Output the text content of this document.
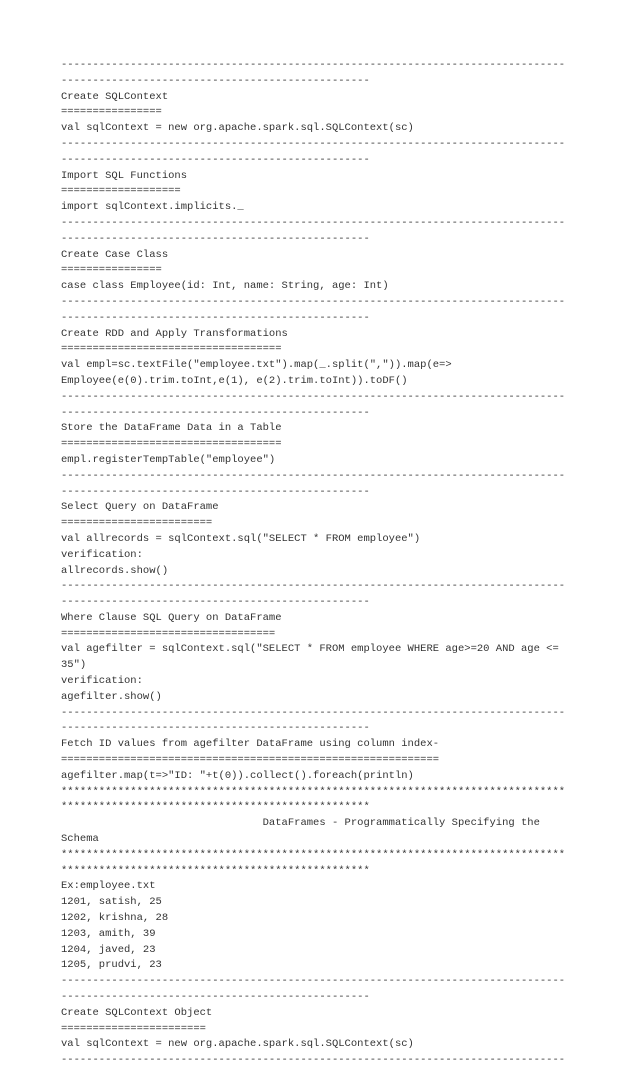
--------------------------------------------------------------------------------
-------------------------------------------------
Create SQLContext
================
val sqlContext = new org.apache.spark.sql.SQLContext(sc)
--------------------------------------------------------------------------------
-------------------------------------------------
Import SQL Functions
===================
import sqlContext.implicits._
--------------------------------------------------------------------------------
-------------------------------------------------
Create Case Class
================
case class Employee(id: Int, name: String, age: Int)
--------------------------------------------------------------------------------
-------------------------------------------------
Create RDD and Apply Transformations
===================================
val empl=sc.textFile("employee.txt").map(_.split(",")).map(e=>
Employee(e(0).trim.toInt,e(1), e(2).trim.toInt)).toDF()
--------------------------------------------------------------------------------
-------------------------------------------------
Store the DataFrame Data in a Table
===================================
empl.registerTempTable("employee")
--------------------------------------------------------------------------------
-------------------------------------------------
Select Query on DataFrame
========================
val allrecords = sqlContext.sql("SELECT * FROM employee")
verification:
allrecords.show()
--------------------------------------------------------------------------------
-------------------------------------------------
Where Clause SQL Query on DataFrame
==================================
val agefilter = sqlContext.sql("SELECT * FROM employee WHERE age>=20 AND age <=
35")
verification:
agefilter.show()
--------------------------------------------------------------------------------
-------------------------------------------------
Fetch ID values from agefilter DataFrame using column index-
============================================================
agefilter.map(t=>"ID: "+t(0)).collect().foreach(println)
********************************************************************************
*************************************************
DataFrames - Programmatically Specifying the
Schema
********************************************************************************
*************************************************
Ex:employee.txt
1201, satish, 25
1202, krishna, 28
1203, amith, 39
1204, javed, 23
1205, prudvi, 23
--------------------------------------------------------------------------------
-------------------------------------------------
Create SQLContext Object
=======================
val sqlContext = new org.apache.spark.sql.SQLContext(sc)
--------------------------------------------------------------------------------
